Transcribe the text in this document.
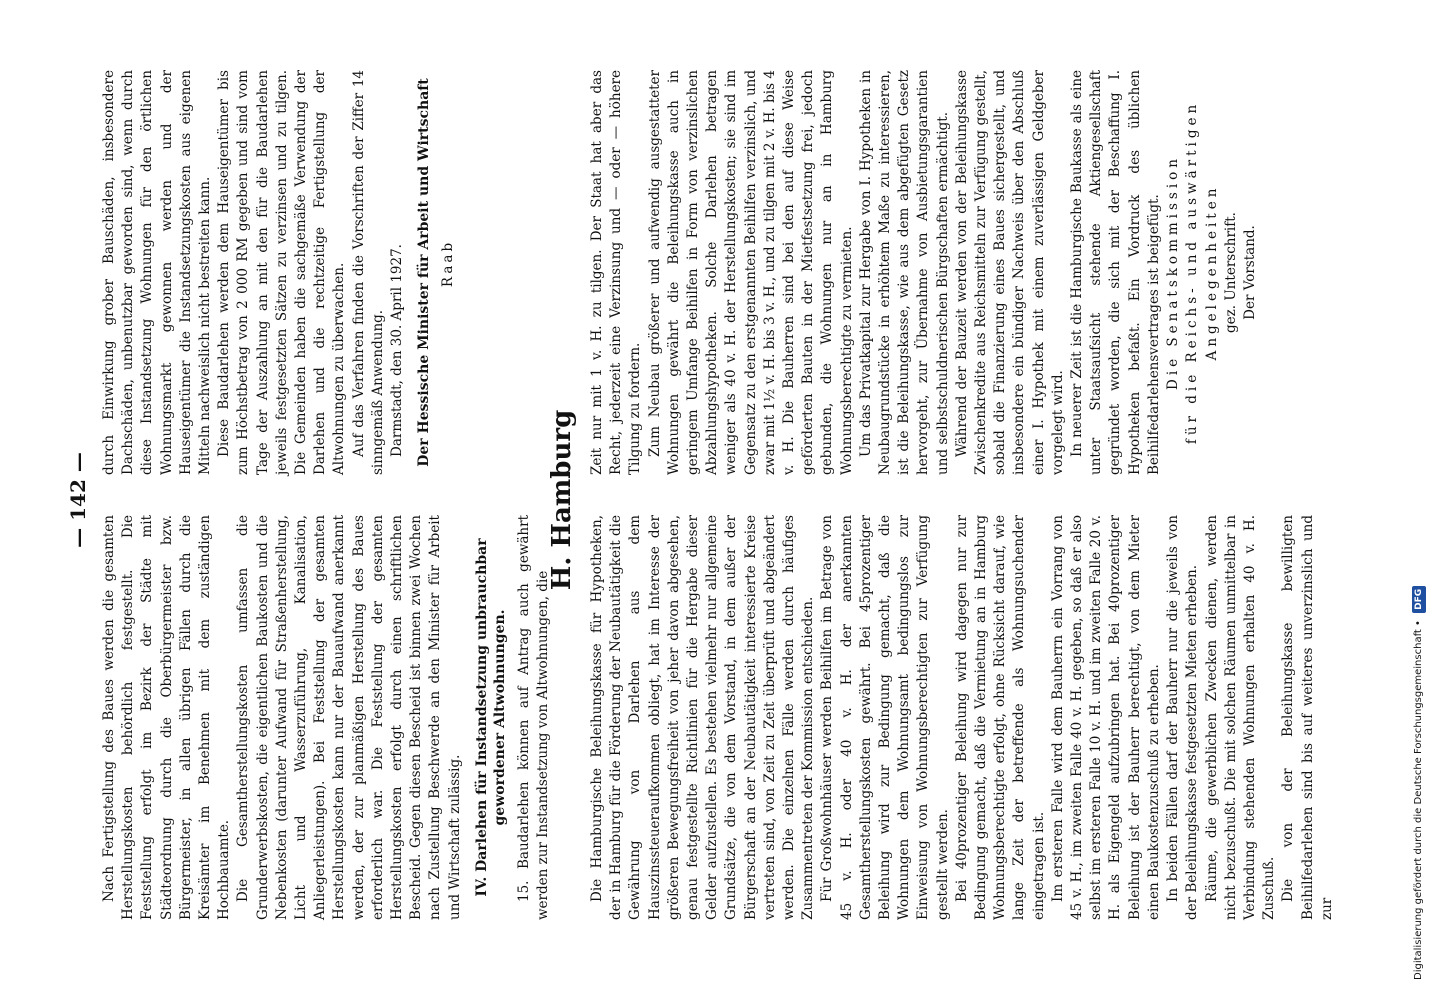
— 142 —

Nach Fertigstellung des Baues werden die gesamten Herstellungskosten behördlich festgestellt. Die Feststellung erfolgt im Bezirk der Städte mit Städteordnung durch die Oberbürgermeister bzw. Bürgermeister, in allen übrigen Fällen durch die Kreisämter im Benehmen mit dem zuständigen Hochbauamte. Die Gesamtherstellungskosten umfassen die Grunderwerbskosten, die eigentlichen Baukosten und die Nebenkosten (darunter Aufwand für Straßenherstellung, Licht und Wasserzuführung, Kanalisation, Anliegerleistungen). Bei Feststellung der gesamten Herstellungskosten kann nur der Bauaufwand anerkannt werden, der zur planmäßigen Herstellung des Baues erforderlich war. Die Feststellung der gesamten Herstellungskosten erfolgt durch einen schriftlichen Bescheid. Gegen diesen Bescheid ist binnen zwei Wochen nach Zustellung Beschwerde an den Minister für Arbeit und Wirtschaft zulässig. IV. Darlehen für Instandsetzung unbrauchbar gewordener Altwohnungen. 15. Baudarlehen können auf Antrag auch gewährt werden zur Instandsetzung von Altwohnungen, die

durch Einwirkung grober Bauschäden, insbesondere Dachschäden, unbenutzbar geworden sind, wenn durch diese Instandsetzung Wohnungen für den örtlichen Wohnungsmarkt gewonnen werden und der Hauseigentümer die Instandsetzungskosten aus eigenen Mitteln nachweislich nicht bestreiten kann. Diese Baudarlehen werden dem Hauseigentümer bis zum Höchstbetrag von 2 000 RM gegeben und sind vom Tage der Auszahlung an mit den für die Baudarlehen jeweils festgesetzten Sätzen zu verzinsen und zu tilgen. Die Gemeinden haben die sachgemäße Verwendung der Darlehen und die rechtzeitige Fertigstellung der Altwohnungen zu überwachen. Auf das Verfahren finden die Vorschriften der Ziffer 14 sinngemäß Anwendung. Darmstadt, den 30. April 1927. Der Hessische Minister für Arbeit und Wirtschaft Raab

H. Hamburg

Die Hamburgische Beleihungskasse für Hypotheken, der in Hamburg für die Förderung der Neubautätigkeit die Gewährung von Darlehen aus dem Hauszinssteueraufkommen obliegt, hat im Interesse der größeren Bewegungsfreiheit von jeher davon abgesehen, genau festgestellte Richtlinien für die Hergabe dieser Gelder aufzustellen. Es bestehen vielmehr nur allgemeine Grundsätze, die von dem Vorstand, in dem außer der Bürgerschaft an der Neubautätigkeit interessierte Kreise vertreten sind, von Zeit zu Zeit überprüft und abgeändert werden. Die einzelnen Fälle werden durch häufiges Zusammentreten der Kommission entschieden. Für Großwohnhäuser werden Beihilfen im Betrage von 45 v. H. oder 40 v. H. der anerkannten Gesamtherstellungskosten gewährt. Bei 45prozentiger Beleihung wird zur Bedingung gemacht, daß die Wohnungen dem Wohnungsamt bedingungslos zur Einweisung von Wohnungsberechtigten zur Verfügung gestellt werden. Bei 40prozentiger Beleihung wird dagegen nur zur Bedingung gemacht, daß die Vermietung an in Hamburg Wohnungsberechtigte erfolgt, ohne Rücksicht darauf, wie lange Zeit der betreffende als Wohnungsuchender eingetragen ist. Im ersteren Falle wird dem Bauherrn ein Vorrang von 45 v. H., im zweiten Falle 40 v. H. gegeben, so daß er also selbst im ersteren Falle 10 v. H. und im zweiten Falle 20 v. H. als Eigengeld aufzubringen hat. Bei 40prozentiger Beleihung ist der Bauherr berechtigt, von dem Mieter einen Baukostenzuschuß zu erheben. In beiden Fällen darf der Bauherr nur die jeweils von der Beleihungskasse festgesetzten Mieten erheben. Räume, die gewerblichen Zwecken dienen, werden nicht bezuschußt. Die mit solchen Räumen unmittelbar in Verbindung stehenden Wohnungen erhalten 40 v. H. Zuschuß. Die von der Beleihungskasse bewilligten Beihilfedarlehen sind bis auf weiteres unverzinslich und zur

Zeit nur mit 1 v. H. zu tilgen. Der Staat hat aber das Recht, jederzeit eine Verzinsung und — oder — höhere Tilgung zu fordern. Zum Neubau größerer und aufwendig ausgestatteter Wohnungen gewährt die Beleihungskasse auch in geringem Umfange Beihilfen in Form von verzinslichen Abzahlungshypotheken. Solche Darlehen betragen weniger als 40 v. H. der Herstellungskosten; sie sind im Gegensatz zu den erstgenannten Beihilfen verzinslich, und zwar mit 1½ v. H. bis 3 v. H., und zu tilgen mit 2 v. H. bis 4 v. H. Die Bauherren sind bei den auf diese Weise geförderten Bauten in der Mietfestsetzung frei, jedoch gebunden, die Wohnungen nur an in Hamburg Wohnungsberechtigte zu vermieten. Um das Privatkapital zur Hergabe von I. Hypotheken in Neubaugrundstücke in erhöhtem Maße zu interessieren, ist die Beleihungskasse, wie aus dem abgefügten Gesetz hervorgeht, zur Übernahme von Ausbietungsgarantien und selbstschuldnerischen Bürgschaften ermächtigt. Während der Bauzeit werden von der Beleihungskasse Zwischenkredite aus Reichsmitteln zur Verfügung gestellt, sobald die Finanzierung eines Baues sichergestellt, und insbesondere ein bündiger Nachweis über den Abschluß einer I. Hypothek mit einem zuverlässigen Geldgeber vorgelegt wird. In neuerer Zeit ist die Hamburgische Baukasse als eine unter Staatsaufsicht stehende Aktiengesellschaft gegründet worden, die sich mit der Beschaffung I. Hypotheken befaßt. Ein Vordruck des üblichen Beihilfedarlehensvertrages ist beigefügt. Die Senatskommission für die Reichs- und auswärtigen Angelegenheiten gez. Unterschrift. Der Vorstand.

Digitalisierung gefördert durch die Deutsche Forschungsgemeinschaft • DFG
